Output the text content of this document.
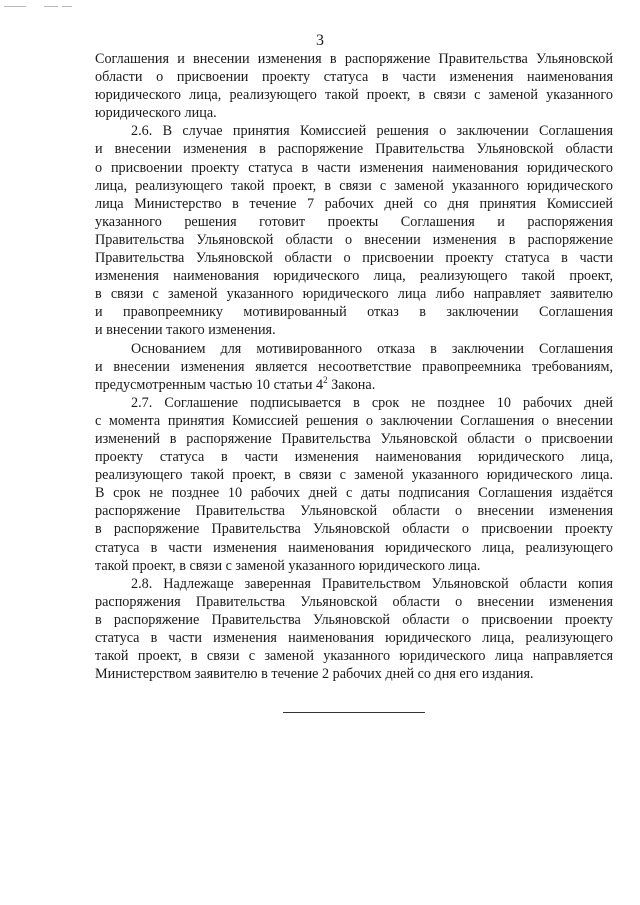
3
Соглашения и внесении изменения в распоряжение Правительства Ульяновской
области о присвоении проекту статуса в части изменения наименования
юридического лица, реализующего такой проект, в связи с заменой указанного
юридического лица.
2.6. В случае принятия Комиссией решения о заключении Соглашения
и внесении изменения в распоряжение Правительства Ульяновской области
о присвоении проекту статуса в части изменения наименования юридического
лица, реализующего такой проект, в связи с заменой указанного юридического
лица Министерство в течение 7 рабочих дней со дня принятия Комиссией
указанного решения готовит проекты Соглашения и распоряжения
Правительства Ульяновской области о внесении изменения в распоряжение
Правительства Ульяновской области о присвоении проекту статуса в части
изменения наименования юридического лица, реализующего такой проект,
в связи с заменой указанного юридического лица либо направляет заявителю
и правопреемнику мотивированный отказ в заключении Соглашения
и внесении такого изменения.
Основанием для мотивированного отказа в заключении Соглашения
и внесении изменения является несоответствие правопреемника требованиям,
предусмотренным частью 10 статьи $4^2$ Закона.
2.7. Соглашение подписывается в срок не позднее 10 рабочих дней
с момента принятия Комиссией решения о заключении Соглашения о внесении
изменений в распоряжение Правительства Ульяновской области о присвоении
проекту статуса в части изменения наименования юридического лица,
реализующего такой проект, в связи с заменой указанного юридического лица.
В срок не позднее 10 рабочих дней с даты подписания Соглашения издаётся
распоряжение Правительства Ульяновской области о внесении изменения
в распоряжение Правительства Ульяновской области о присвоении проекту
статуса в части изменения наименования юридического лица, реализующего
такой проект, в связи с заменой указанного юридического лица.
2.8. Надлежаще заверенная Правительством Ульяновской области копия
распоряжения Правительства Ульяновской области о внесении изменения
в распоряжение Правительства Ульяновской области о присвоении проекту
статуса в части изменения наименования юридического лица, реализующего
такой проект, в связи с заменой указанного юридического лица направляется
Министерством заявителю в течение 2 рабочих дней со дня его издания.
